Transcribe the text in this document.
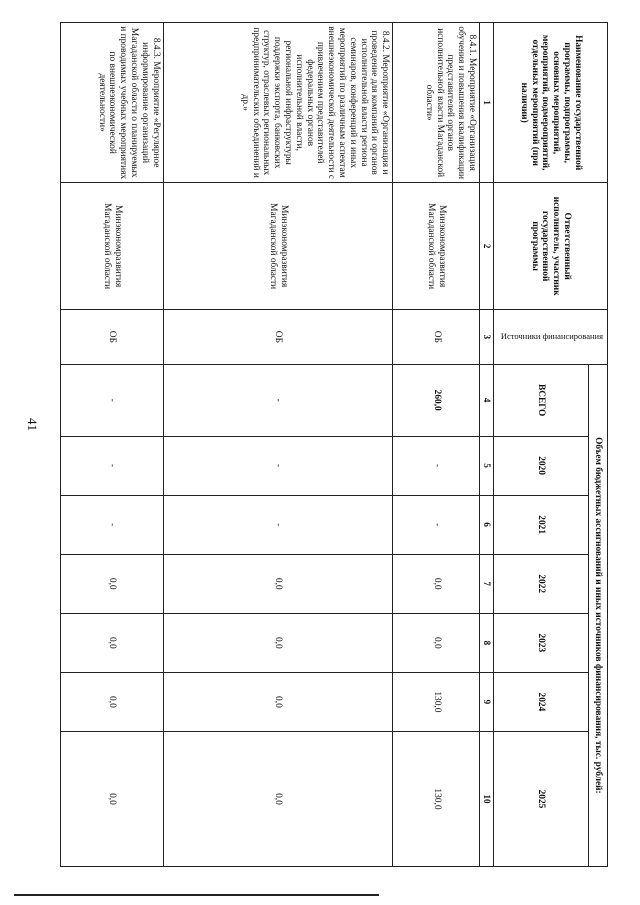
41
Наименование государственной программы, подпрограммы, основных мероприятий, мероприятий, подмероприятий, отдельных мероприятий (при наличии)	Ответственный исполнитель, участник государственной программы	Источники финансирования	Объем бюджетных ассигнований и иных источников финансирования, тыс. рублей:						
			ВСЕГО	2020	2021	2022	2023	2024	2025
1	2	3	4	5	6	7	8	9	10
8.4.1. Мероприятие «Организация обучения и повышения квалификации представителей органов исполнительной власти Магаданской области»	Минэкономразвития Магаданской области	ОБ	260,0	-	-	0,0	0,0	130,0	130,0
8.4.2. Мероприятие «Организация и проведение для компаний и органов исполнительной власти региона семинаров, конференций и иных мероприятий по различным аспектам внешнеэкономической деятельности с привлечением представителей федеральных органов исполнительной власти, региональной инфраструктуры поддержки экспорта, банковских структур, отраслевых региональных предпринимательских объединений и др.»	Минэкономразвития Магаданской области	ОБ	-	-	-	0,0	0,0	0,0	0,0
8.4.3. Мероприятие «Регулярное информирование организаций Магаданской области о планируемых и проводимых учебных мероприятиях по внешнеэкономической деятельности»	Минэкономразвития Магаданской области	ОБ	-	-	-	0,0	0,0	0,0	0,0
